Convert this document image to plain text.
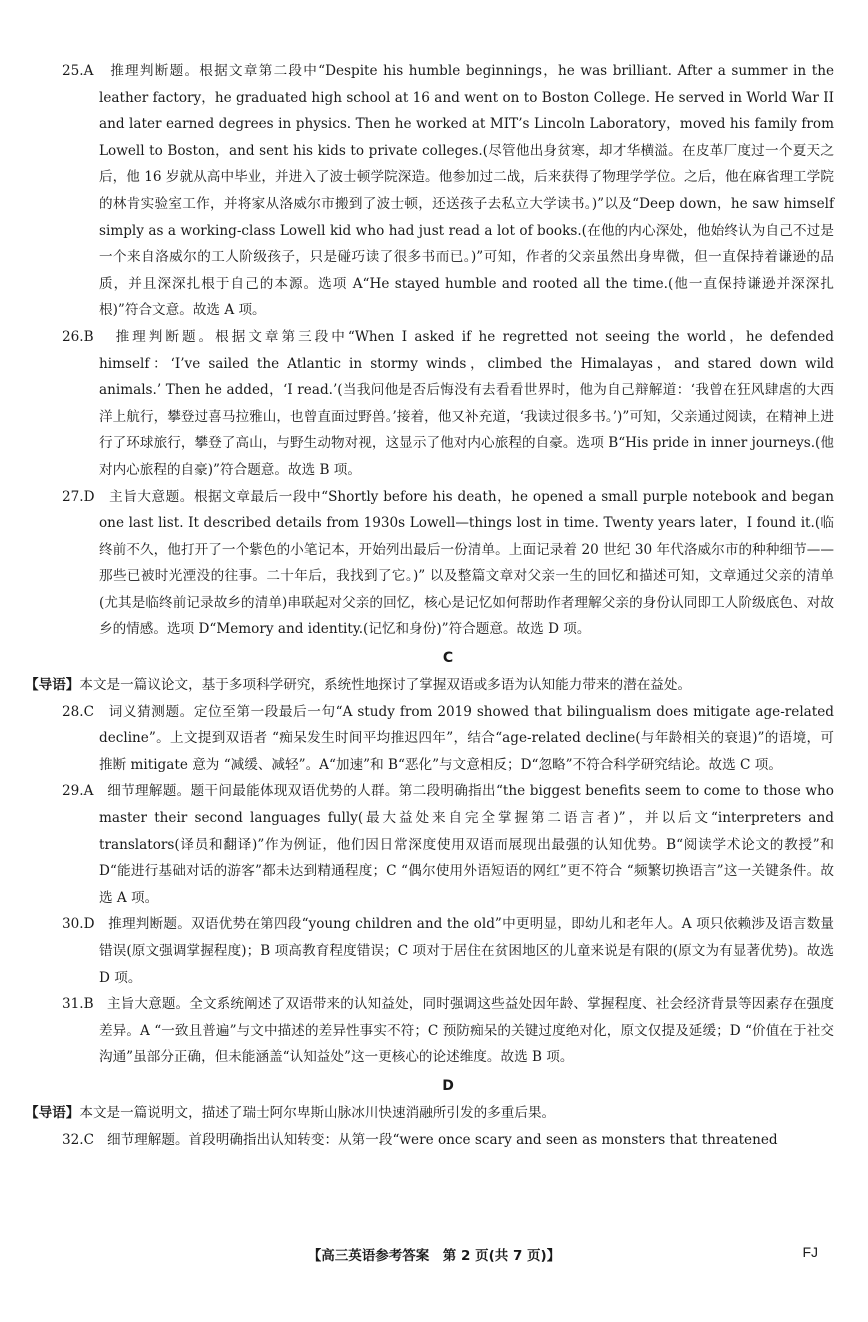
25.A 推理判断题。根据文章第二段中“Despite his humble beginnings，he was brilliant. After a summer in the leather factory，he graduated high school at 16 and went on to Boston College. He served in World War II and later earned degrees in physics. Then he worked at MIT’s Lincoln Laboratory，moved his family from Lowell to Boston，and sent his kids to private colleges.(尽管他出身贫寒，却才华横溢。在皮革厂度过一个夏天之后，他 16 岁就从高中毕业，并进入了波士顿学院深造。他参加过二战，后来获得了物理学学位。之后，他在麻省理工学院的林肯实验室工作，并将家从洛威尔市搬到了波士顿，还送孩子去私立大学读书。)”以及“Deep down，he saw himself simply as a working-class Lowell kid who had just read a lot of books.(在他的内心深处，他始终认为自己不过是一个来自洛威尔的工人阶级孩子，只是碰巧读了很多书而已。)”可知，作者的父亲虽然出身卑微，但一直保持着谦逊的品质，并且深深扎根于自己的本源。选项 A“He stayed humble and rooted all the time.(他一直保持谦逊并深深扎根)”符合文意。故选 A 项。

26.B 推理判断题。根据文章第三段中“When I asked if he regretted not seeing the world，he defended himself：‘I’ve sailed the Atlantic in stormy winds，climbed the Himalayas，and stared down wild animals.’ Then he added，‘I read.’(当我问他是否后悔没有去看看世界时，他为自己辩解道：‘我曾在狂风肆虐的大西洋上航行，攀登过喜马拉雅山，也曾直面过野兽。’接着，他又补充道，‘我读过很多书。’)”可知，父亲通过阅读，在精神上进行了环球旅行，攀登了高山，与野生动物对视，这显示了他对内心旅程的自豪。选项 B“His pride in inner journeys.(他对内心旅程的自豪)”符合题意。故选 B 项。

27.D 主旨大意题。根据文章最后一段中“Shortly before his death，he opened a small purple notebook and began one last list. It described details from 1930s Lowell—things lost in time. Twenty years later，I found it.(临终前不久，他打开了一个紫色的小笔记本，开始列出最后一份清单。上面记录着 20 世纪 30 年代洛威尔市的种种细节——那些已被时光湮没的往事。二十年后，我找到了它。)” 以及整篇文章对父亲一生的回忆和描述可知，文章通过父亲的清单(尤其是临终前记录故乡的清单)串联起对父亲的回忆，核心是记忆如何帮助作者理解父亲的身份认同即工人阶级底色、对故乡的情感。选项 D“Memory and identity.(记忆和身份)”符合题意。故选 D 项。

C

【导语】本文是一篇议论文，基于多项科学研究，系统性地探讨了掌握双语或多语为认知能力带来的潜在益处。

28.C 词义猜测题。定位至第一段最后一句“A study from 2019 showed that bilingualism does mitigate age-related decline”。上文提到双语者 “痴呆发生时间平均推迟四年”，结合“age-related decline(与年龄相关的衰退)”的语境，可推断 mitigate 意为 “减缓、减轻”。A“加速”和 B“恶化”与文意相反；D“忽略”不符合科学研究结论。故选 C 项。

29.A 细节理解题。题干问最能体现双语优势的人群。第二段明确指出“the biggest benefits seem to come to those who master their second languages fully(最大益处来自完全掌握第二语言者)”，并以后文“interpreters and translators(译员和翻译)”作为例证，他们因日常深度使用双语而展现出最强的认知优势。B“阅读学术论文的教授”和 D“能进行基础对话的游客”都未达到精通程度；C “偶尔使用外语短语的网红”更不符合 “频繁切换语言”这一关键条件。故选 A 项。

30.D 推理判断题。双语优势在第四段“young children and the old”中更明显，即幼儿和老年人。A 项只依赖涉及语言数量错误(原文强调掌握程度)；B 项高教育程度错误；C 项对于居住在贫困地区的儿童来说是有限的(原文为有显著优势)。故选 D 项。

31.B 主旨大意题。全文系统阐述了双语带来的认知益处，同时强调这些益处因年龄、掌握程度、社会经济背景等因素存在强度差异。A “一致且普遍”与文中描述的差异性事实不符；C 预防痴呆的关键过度绝对化，原文仅提及延缓；D “价值在于社交沟通”虽部分正确，但未能涵盖“认知益处”这一更核心的论述维度。故选 B 项。

D

【导语】本文是一篇说明文，描述了瑞士阿尔卑斯山脉冰川快速消融所引发的多重后果。

32.C 细节理解题。首段明确指出认知转变：从第一段“were once scary and seen as monsters that threatened

【高三英语参考答案　第 2 页(共 7 页)】	FJ
